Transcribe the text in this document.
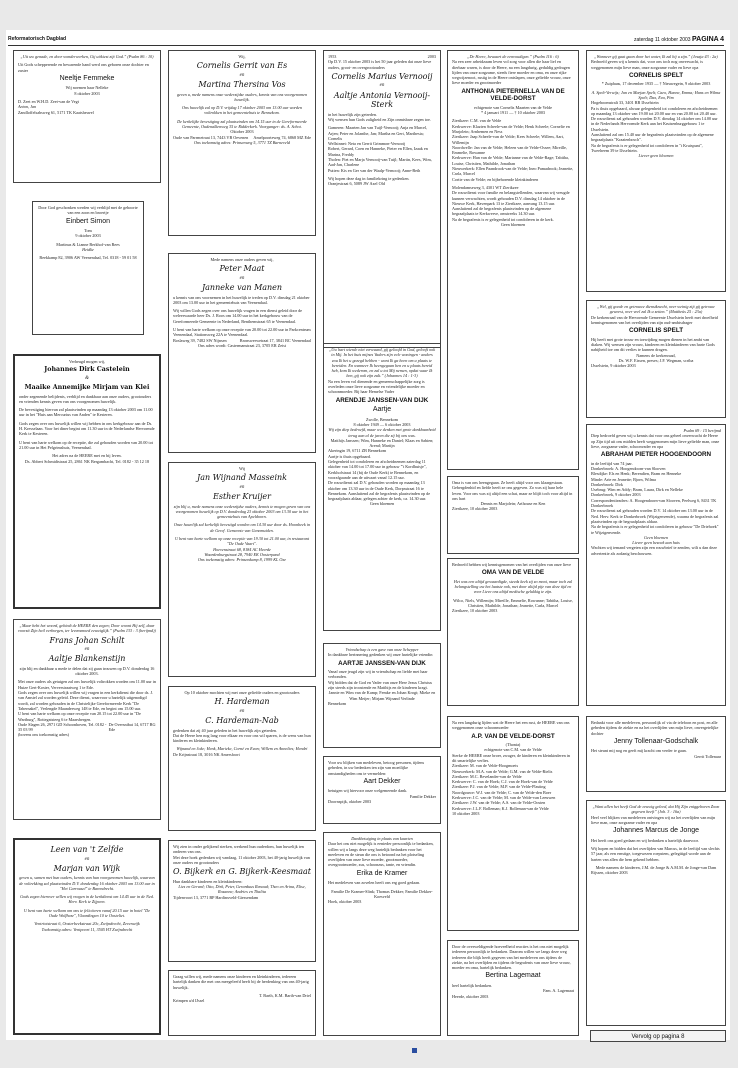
Reformatorisch Dagblad	zaterdag 11 oktober 2003 PAGINA 4
„Uit uw genade, en door wonderwerken, Gij uitkiest zijt God.” (Psalm 86 : 10)
Uit Gods schepperende en bewarende hand werd ons geboren onze dochter en zuster
Neeltje Femmeke
Wij noemen haar Nelleke
8 oktober 2003
D. Zeet en W.H.D. Zeet-van de Vegt
Anton, Jan
Zandloffelsabsweg 61, 5171 TK Kaatsheuvel
Door God geschonken werden wij verblijd met de geboorte van een zoon en broertje
Einbert Simon
Tom
9 oktober 2003
Martinus & Lianne Berkhof-van Rees
Heidke
Beekkamp 82, 3906 AW Veenendaal, Tel. 0318 - 59 01 58
Verheugd mogen wij,
Johannes Dirk Castelein
&
Maaike Annemijke Mirjam van Klei
onder zegenende belijdenis, verblijd en dankbaar aan onze ouders, grootouders en vrienden kennis geven van ons voorgenomen huwelijk.
De bevestiging hiervan zal plaatsvinden op maandag 13 oktober 2003 om 11.00 uur in het "Huis aan Mercurius van Anden" te Kesteren.
Gods zegen over ons huwelijk willen wij hebben in ons kerkgebouw aan de Ds. H. Kresselaan. Voor het diner begint om 11.30 uur in de Nederlandse Hervormde Kerk te Kesteren.
U bent van harte welkom op de receptie, die zal gehouden worden van 20.00 tot 21.00 uur in Het Pelgrimshuis, Veenendaal.
Het adres na de HEERE met en bij leven.
Ds. Abbert Schmidtstraat 25, 2861 NK Bergambacht, Tel. 0182 - 35 12 18
„Maar hebt het woord, gebiedt de HEERE den zegen; Door woont Hij zelf, daar voorzit Zijn heil verborgen, ter levensmoed eeuwiglijk.” (Psalm 133 : 3 (berijmd))
Frans Johan Schilt
en
Aaltje Blankenstijn
zijn blij en dankbaar u mede te delen dat zij gaan trouwen op D.V. donderdag 16 oktober 2003.
Met onze ouders als getuigen zal ons huwelijk voltrokken worden om 11.00 uur in Huize Gert-Koster, Ververstraatweg 1 te Ede.
Gods zegen over ons huwelijk willen wij vragen in een kerkdienst die door ds. J. van Amstel zal worden geleid. Deze dienst, waarvoor u hartelijk uitgenodigd wordt, zal worden gehouden in de Christelijke Gereformeerde Kerk "De Tabernakel", Verlengde Maanderweg 148 te Ede, en begint om 15.00 uur.
U bent van harte welkom op onze receptie van 20.15 tot 22.00 uur in "De Wartburg", Rottegatsteeg 6 te Maarsbergen.
Oude Slagen 26, 2971 GD Schoonhoven, Tel. 0182 - 35 03 99
De Oversnibat 14, 6717 BG Ede
(bovens ons toekomstig adres)
Leen van 't Zelfde
en
Marjan van Wijk
geven u, samen met hun ouders, kennis van hun voorgenomen huwelijk, waarvan de voltrekking zal plaatsvinden D.V. donderdag 16 oktober 2003 om 13.00 uur in "Het Carrousel" te Barendrecht.
Gods zegen hierover willen wij vragen in de kerkdienst om 14.45 uur in de Ned. Herv. Kerk te Zijpeen.
U bent van harte welkom om ons te feliciteren vanaf 20.15 uur in hotel "De Oude Wolfheze", Vlaardingen 10 te Oostvliet.
Ventriotstraat 6, Oosterbeekstraat 20c, Zwijndrecht, Zevenwijk
Toekomstig adres: Ventpoort 11, 3505 HT Zwijndrecht
Wij,
Cornelis Gerrit van Es
en
Martina Thersina Vos
geven u, mede namens onze wederzijdse ouders, kennis van ons voorgenomen huwelijk.
Ons huwelijk zal op D.V. vrijdag 17 oktober 2003 om 13.00 uur worden voltrokken in het gemeentehuis te Bennekom.
De kerkelijke bevestiging zal plaatsvinden om 14.15 uur in de Gereformeerde Gemeente, Oudenalkenweg 35 te Ridderkerk. Voorganger: ds. A. Schot.
Oktober 2003
Oude van Parrmetraat 13, 7443 VB Oevenen Amelpoorteweg 74, 6868 MZ Ede
Ons toekomstig adres: Prinsenweg 5, 3771 TZ Barneveld
Mede namens onze ouders geven wij,
Peter Maat
en
Janneke van Manen
u kennis van ons voornemen in het huwelijk te treden op D.V. dinsdag 21 oktober 2003 om 13.00 uur in het gemeentehuis van Veenendaal.
Wij willen Gods zegen over ons huwelijk vragen in een dienst geleid door de weleerwaarde heer Ds. J. Roos om 14.00 uur in het kerkgebouw van de Gereformeerde Gemeente in Nederland, Benthemstraat 65 te Veenendaal.
U bent van harte welkom op onze receptie van 20.00 tot 22.00 uur in Parkcentrum Veenendaal, Stationsweg 22A te Veenendaal.
Boslaweg 39, 7482 SW Nijnsen	Bronswerwetraat 17, 3841 BC Veenendaal
Ons adres wordt: Castermanstraat 23, 3705 ER Zeist
Wij
Jan Wijnand Masseink
en
Esther Kruijer
zijn blij u, mede namens onze wederzijdse ouders, kennis te mogen geven van ons voorgenomen huwelijk op D.V. donderdag 23 oktober 2003 om 13.30 uur in het gemeentehuis van Apeldoorn.
Onze huwelijk zal kerkelijk bevestigd worden om 14.30 uur door ds. Hoonbeek in de Geref. Gemeente van Genemuiden.
U bent van harte welkom op onze receptie van 19.30 tot 21.00 uur, in restaurant "De Oude Vaart".
Hoevenstraat 68, 8184 AC Heerde
Waardenburgstraat 28, 7940 EK Oosterpand
Ons toekomstig adres: Prinsenkamp 8, 1999 KL Oxe
Op 10 oktober mochten wij met onze geliefde ouders en grootouders
H. Hardeman
en
C. Hardeman-Nab
gedenken dat zij 40 jaar geleden in het huwelijk zijn getreden.
Dat de Heere hen nog lang voor elkaar en voor ons wil sparen, is de wens van hun kinderen en kleinkinderen.
Wijnand en Joke; Henk, Marieke, Corné en Evan; Willem en Annelies; Hendri
De Krijnstraat 18, 3016 NK Amersfoort
Wij zien in onder gelijkend sterken, werkend hun ouderdom, hun huwelijk ten onderen van ons.
Met deze hoek gedenken wij vandaag, 11 oktober 2003, het 40-jarig huwelijk van onze ouders en grootouders
O. Bijkerk en G. Bijkerk-Keesmaat
Hun dankbare kinderen en kleinkinderen:
Lies en Gerard; Otto, Dirk, Peter, Gerarduus Renaud; Theo en Arina, Elise, Rosanne; Andries en Thalita
Tijdenvoort 13, 3771 BP Hardinxveld-Giessendam
Graag willen wij, mede namens onze kinderen en kleinkinderen, iedereen hartelijk danken die met ons meegeleefd heeft bij de herdenking van ons 40-jarig huwelijk.
T. Barth, K.M. Barth-van Driel
Krimpen a/d IJssel
1953	2003
Op D.V. 15 oktober 2003 is het 50 jaar geleden dat onze lieve ouders, groot- en overgrootouders
Cornelis Marius Vernooij
en
Aaltje Antonia Vernooij-Sterk
in het huwelijk zijn getreden.
Wij wensen hun Gods zaligheid en Zijn onmisbare zegen toe.
Gameren: Maarten Jan van Tuijl-Vernooij; Anja en Marcel, Arjen; Peter en Jolanthe, Jan; Martha en Gert, Marthesia; Cornelis
Wellsinnet: Neta en Gerrit Grimmon-Vernooij
Robert, Gerard, Coen en Hanneke, Pieter en Ellen, Izaak en Marina, Freddy
Tholen: Piet en Marja Vernooij-van Tuijl; Martin, Kees, Wim, Aad-Jan, Charlene
Putten: Kis en Ger van der Waalp-Vernooij; Anne-Beth
Wij hopen deze dag in familiekring te gedenken.
Oranjestraat 6, 5089 JW Axel Old
„Uw hart wierde niet verwaard, gij geloofd in God, gelooft ook in Mij. In het huis mijnes Vaders zijn vele woningen - anders zou Ik het u gezegd hebben - want Ik ga heen om u plaats te bereiden. En wanneer Ik heengegaan ben en u plaats bereid heb, kom Ik wederom, en zal u tot Mij nemen, opdat waar Ik ben, gij ook zijn zult.” (Johannes 14 : 1-3)
Na een leven vol dienende en gemeenschappelijke zorg is overleden onze lieve zorgzame en vriendelijke moeder en schoonmoeder. Bij haar Hemelse Vader
ARENDJE JANSSEN-VAN DIJK
Aartje
Zwolle, Bennekom
8 oktober 1949 — 6 oktober 2003
Wij zijn diep bedroefd, maar we denken met grote dankbaarheid terug aan al de jaren die zij bij ons was.
Matthijs Janssen; Wim, Hanneke en Daniel; Klaas en Sabien; Arend; Martijn
Akeringin 19, 6711 ZB Bennekom
Aartje is thuis opgebaard.
Gelegenheid tot condoleren en afscheidnemen zaterdag 11 oktober van 14.00 tot 17.00 uur in gebouw "'t Kordhuisje", Kerkhofstraat 14 (bij de Oude Kerk) te Bennekom, en voorafgaande aan de uitvaart vanaf 12.15 uur.
De rouwdienst zal D.V. gehouden worden op maandag 13 oktober om 13.30 uur in de Oude Kerk, Dorpsstraat 16 te Bennekom. Aansluitend zal de begrafenis plaatsvinden op de begraafplaats aldaar, gelegen achter de kerk, ca. 14.30 uur.
Geen bloemen
Vriendschap is een gave van onze Schepper
In dankbare herinnering gedenken wij onze hartelijke vriendin
AARTJE JANSSEN-VAN DIJK
Vanaf onze jeugd zijn wij in vriendschap en liefde met haar verbonden.
Wij bidden dat de God en Vader van onze Here Jezus Christus zijn steeds zijn troostende en Matthijs en de kinderen kragt.
Jannie en Wim van de Kamp; Femke en Johan Krogt; Mieke en Wim Meijer; Mirjam Wijnand Verlinde
Bennekom
Voor uw blijken van medeleven, betoog personen, tijdens gebeden, in uw bedenken ten zijn van moeilijke omstandigheden ons te vermelden:
Aart Dekker
betuigen wij hiervoor onze welgemeende dank.
Familie Dekker
Doornspijk, oktober 2003
Dankbetuiging in plaats van kaarten
Daar het ons niet mogelijk is eenieder persoonlijk te bedanken, willen wij u langs deze weg hartelijk bedanken voor het meeleven en de steun die ons is betoond na het plotseling overlijden van onze lieve moeder, grootmoeder, overgrootmoeder, zus, schoonzus, tante, en vriendin.
Erika de Kramer
Het medeleven van zovelen heeft ons erg goed gedaan.
Familie De Kramer-Slink; Thomas Dekker; Familie Dekker-Koesveld
Hoek, oktober 2003
„De Heere, bewaart de eenvoudigen.” (Psalm 116 : 6)
Na een zeer arbeidzaam leven vol zorg voor allen die haar lief en dierbaar waren, is door de Heere, na een langdurig, geduldig gedragen lijden van onze zorgzame, steeds fiere moeder en oma, en onze rijke wegwijzenoot, rustig in de Heere ontslapen, onze geliefde vrouw, onze lieve moeder en grootmoeder
ANTHONIA PIETERNELLA VAN DE VELDE-DORST
echtgenote van Cornelis Maarten van de Velde
* 4 januari 1911 — † 10 oktober 2003
Zierikzee: C.M. van de Velde
Kerkwerve: Klazien Scheele-van de Velde; Henk Scheele; Cornelie en Marjolein; Arnhemen en Ness
Zierikzee: Jaap Scheele-van de Velde; Kees Scheele; Willem, Aart, Willemijn
Noordwelle: Jan van de Velde; Heleen van de Velde-Ossee; Mireille, Emmelie, Rowanne
Kerkwerve: Han van de Velde; Marianne van de Velde-Rage; Tabitha, Louise, Christien, Mathilde, Jonathan
Nieuwerkerk: Ellen Paandrook-van de Velde; Ineo Pamadrook; Jeanette, Carla, Marcel
Cortie van de Velde; en bijbehorende kleinkinderen
Molendamseweg 3, 4301 WT Zierikzee
De rouwdienst voor familie en belangstellenden, waarvan wij vreugde kunnen verwachten, wordt gehouden D.V. dinsdag 14 oktober in de Nieuwe Kerk, Havenpark 13 te Zierikzee, aanvang 13.15 uur.
Aansluitend zal de begrafenis plaatsvinden op de algemene begraafplaats te Kerkwerve, omstreeks 14.30 uur.
Na de begrafenis is er gelegenheid tot condoleren in de kerk.
Geen bloemen
Oma is van ons heengegaan. Ze heeft altijd voor ons klaargestaan. Gebergdenhid en liefde heeft ze ons gegeven. Zo was zij haar hele leven. Voor ons was zij altijd een schat, maar ze blijft toch voor altijd in ons hart
Dennis en Marjolein; Arthouse en Ken
Zierikzee, 10 oktober 2003
Bedroefd hebben wij kennisgenomen van het overlijden van onze lieve
OMA VAN DE VELDE
Het was een altijd gewaardigde, steeds keek zij zo mooi, maar toch zal belangstelling uw het laatste ook, met door altijd pije van deze tijd en voor Lieve ons altijd medische gelukkig te zijn.
Wilco, Niels, Willemijn; Mireille, Emmelie, Rowanne; Tabitha, Louise, Christien, Mathilde, Jonathan; Jeanette, Carla, Marcel
Zierikzee, 10 oktober 2003
Na een langdurig lijden wat de Heere het een rust, de HEERE van ons weggenomen onze schoonmoeder
A.P. VAN DE VELDE-DORST
(Thonia)
echtgenote van C.M. van de Velde
Sterke de HEERE onze broer, zwager, de kinderen en kleinkinderen in dit smartelijke verlies.
Zierikzee: M. van de Velde-Hoogmoets
Nieuwerkerk: M.A. van de Velde; G.M. van de Velde-Rielis
Zierikzee: M.C. Bevelander-van de Velde
Kerkwerve: C. van de Hoek; C.J. van de Hoek-van de Velde
Zierikzee: P.J. van de Velde; M.P. van de Velde-Plasting
Noordgouwe: W.J. van de Velde; C. van de Velde-den Boer
Kerkwerve: J.C. van de Velde; M. van de Velde-van Leeuwen
Zierikzee: J.W. van de Velde; A.S. van de Velde-Oosten
Kerkwerve: J.L.F. Bolleman; K.J. Bolleman-van de Velde
10 oktober 2003
Door de overweldigende hoeveelheid reacties is het ons niet mogelijk iedereen persoonlijk te bedanken. Daarom willen we langs deze weg iedereen die blijk heeft gegeven van het medeleven ons tijdens de ziekte, na het overlijden en tijdens de begrafenis van onze lieve vrouw, moeder en oma, hartelijk bedanken.
Bertina Lagemaat
heel hartelijk bedanken.
Fam. A. Lagemaat
Heerde, oktober 2003
„Wanneer gij gaat gaan door het water, Ik zal bij u zijn.” (Jesaja 43 : 2a)
Bedroefd geven wij u kennis dat, voor ons toch nog onverwacht, is weggenomen mijn lieve man, onze zorgzame vader en lieve opa
CORNELIS SPELT
* Zuiphaas, 17 december 1935 — † Nieuwegein, 9 oktober 2003
A. Spelt-Verwijs; Jan en Marjan Spelt; Caeo, Hanne, Emma; Hans en Wilma Spelt; Dax, Eva, Pim
Hogeboomstralt 33, 3401 RB IJsselstein
Pa is thuis opgebaard, alwaar gelegenheid tot condoleren en afscheidnemen op maandag 13 oktober van 19.00 tot 20.00 uur en van 20.00 tot 20.40 uur.
De rouwdienst zal gehouden worden D.V. dinsdag 14 oktober om 14.00 uur in de Nederlands Hervormde Kerk aan het Kruisenburggebouw 1 te IJsselstein.
Aansluitend zal om 15.40 uur de begrafenis plaatsvinden op de algemene begraafplaats "Kraaienbosch".
Na de begrafenis is er gelegenheid tot condoleren in "t Kruispunt", Tweeheem 39 te IJsselstein.
Liever geen bloemen
„Wel, gij goede en getrouwe dienstknecht, over weinig zijt gij getrouw geweest, over veel zal Ik u zetten.” (Mattheüs 25 : 23a)
De kerkenraad van de Hervormde Gemeente IJsselstein heeft met droefheid kennisgenomen van het overlijden van zijn oud-ambtsdrager
CORNELIS SPELT
Hij heeft met grote trouw en toewijding mogen dienen in het ambt van diaken. Wij wensen zijn vrouw, kinderen en kleinkinderen van harte Gods nabijheid toe om dit verlies te kunnen dragen.
Namens de kerkenraad,
Ds. W.F. Eissen, preses; J.F. Wegman, scriba
IJsselstein, 9 oktober 2003
Psalm 69 : 15 berijmd
Diep bedroefd geven wij u kennis dat voor ons geheel onverwacht de Heere op Zijn tijd uit ons midden heeft weggenomen mijn lieve geliefde man, onze lieve, zorgzame vader, schoonvader en opa
ABRAHAM PIETER HOOGENDOORN
in de leeftijd van 74 jaar.
Donkerbroek: A. Hoogendoorn-van Slooven
Blesdijke: Els en Henk; Berendien, Bram en Henneke
Minde: Arie en Jeanette; Bjorn, Wilma
Donkerbroek: Dirk
Usebrug: Wim en Addy; Bram, Laura, Dirk en Nelleke
Donkerbroek, 9 oktober 2003
Correspondentieadres: A. Hoogendoorn-van Slooven, Peelweg 6, 8431 TK Donkerbroek
De rouwdienst zal gehouden worden D.V. 14 oktober om 13.00 uur in de Ned. Herv. Kerk te Donkerbroek (Wijzigenvende), waarna de begrafenis zal plaatsvinden op de begraafplaats aldaar.
Na de begrafenis is er gelegenheid tot condoleren in gebouw "De Driehoek" te Wijzigenvende.
Geen bloemen
Liever geen bezoek aan huis
Wachten wij iemand vergeten zijn een rouwbrief te zenden, wilt u dan deze advertentie als zodanig beschouwen.
Bedankt voor alle medeleven, persoonlijk of via de telefoon en post, en alle gebeden tijdens de ziekte en na het overlijden van mijn lieve, onvergetelijke dochter
Jenny Tollenaar-Godschalk
Het steunt mij nog en geeft mij kracht om verder te gaan.
Gerrit Tollenaar
„Want allen het heeft God de eeuwig geleed, dat Hij Zijn eniggeboren Zoon gegeven heeft” (Joh. 3 : 16a)
Heel veel blijken van medeleven ontvingen wij na het overlijden van mijn lieve man, onze zorgzame vader en opa
Johannes Marcus de Jonge
Het heeft ons goed gedaan en wij bedanken u hartelijk daarvoor.
Wij hopen en bidden dat het overlijden van Marcus, in de leeftijd van slechts 57 jaar, als een ernstige, toegewezen roepstem, gelegitigd worde aan de harten van allen die hem gekend hebben.
Mede namens de kinderen, J.M. de Jonge & A.M.M. de Jonge-van Dam
Rijssen, oktober 2003
Vervolg op pagina 8
